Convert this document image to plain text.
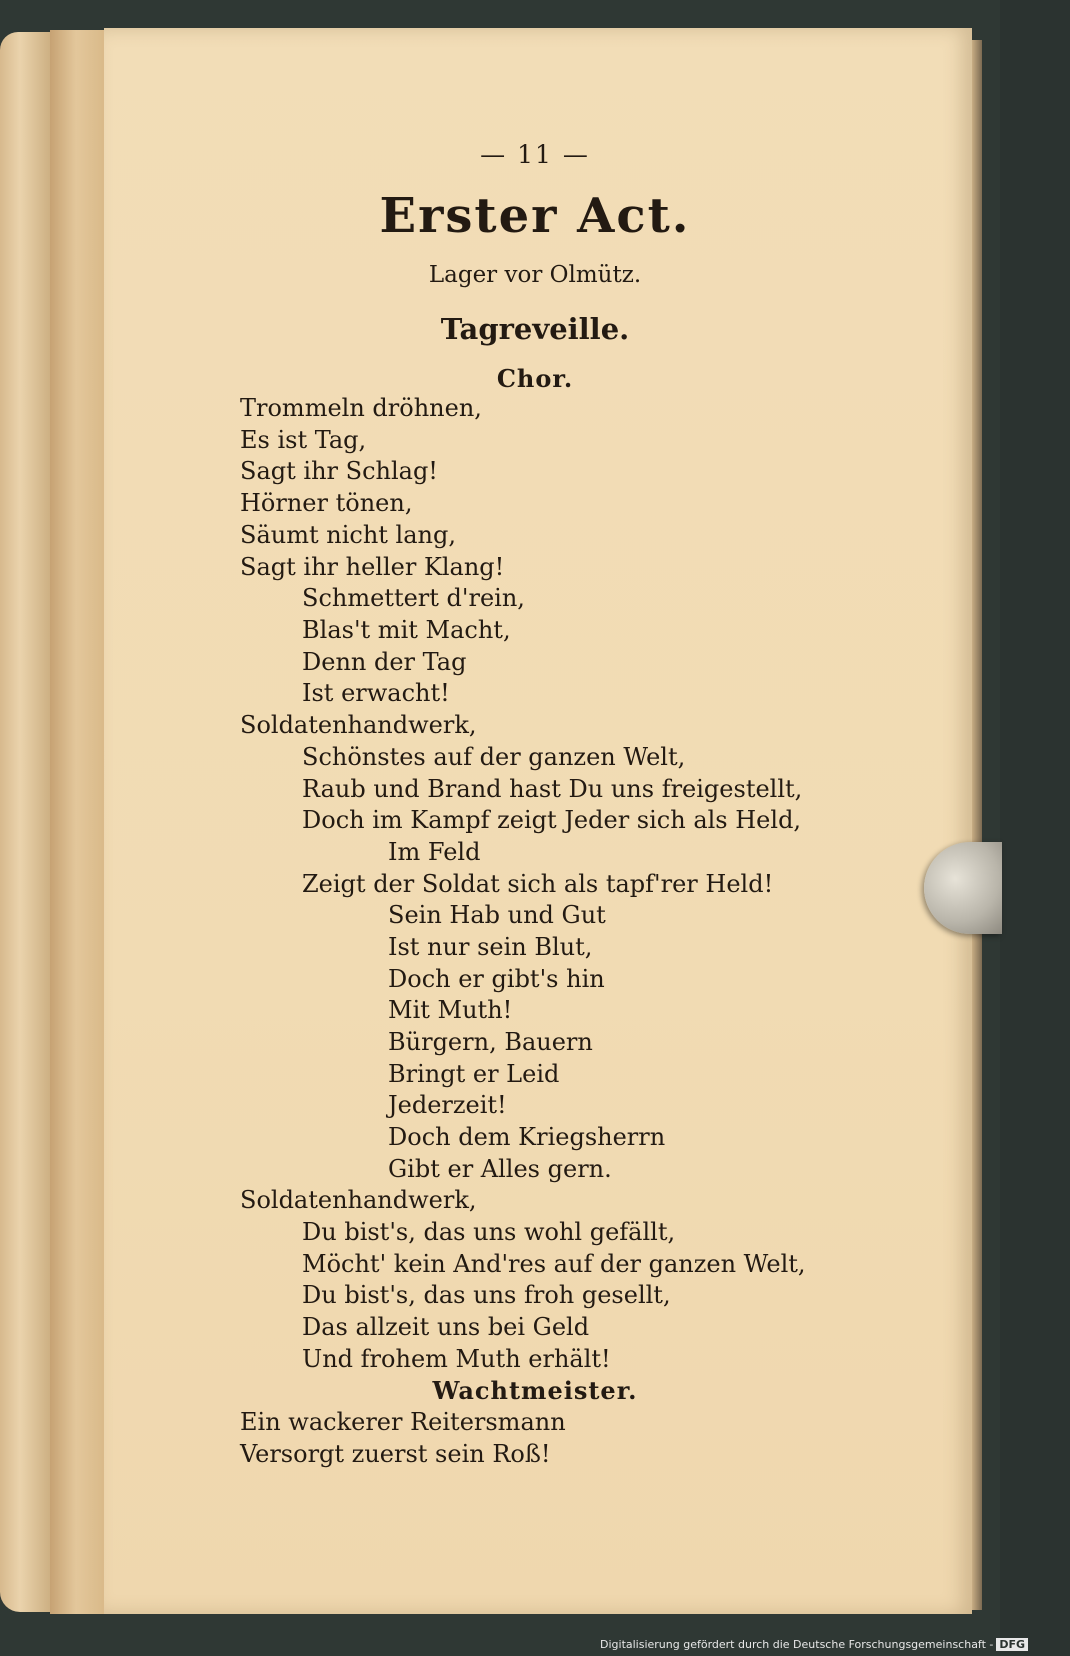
— 11 —
Erster Act.
Lager vor Olmütz.
Tagreveille.
Chor.
Trommeln dröhnen,
Es ist Tag,
Sagt ihr Schlag!
Hörner tönen,
Säumt nicht lang,
Sagt ihr heller Klang!
Schmettert d'rein,
Blas't mit Macht,
Denn der Tag
Ist erwacht!
Soldatenhandwerk,
Schönstes auf der ganzen Welt,
Raub und Brand hast Du uns freigestellt,
Doch im Kampf zeigt Jeder sich als Held,
Im Feld
Zeigt der Soldat sich als tapf'rer Held!
Sein Hab und Gut
Ist nur sein Blut,
Doch er gibt's hin
Mit Muth!
Bürgern, Bauern
Bringt er Leid
Jederzeit!
Doch dem Kriegsherrn
Gibt er Alles gern.
Soldatenhandwerk,
Du bist's, das uns wohl gefällt,
Möcht' kein And'res auf der ganzen Welt,
Du bist's, das uns froh gesellt,
Das allzeit uns bei Geld
Und frohem Muth erhält!
Wachtmeister.
Ein wackerer Reitersmann
Versorgt zuerst sein Roß!
Digitalisierung gefördert durch die Deutsche Forschungsgemeinschaft - DFG
